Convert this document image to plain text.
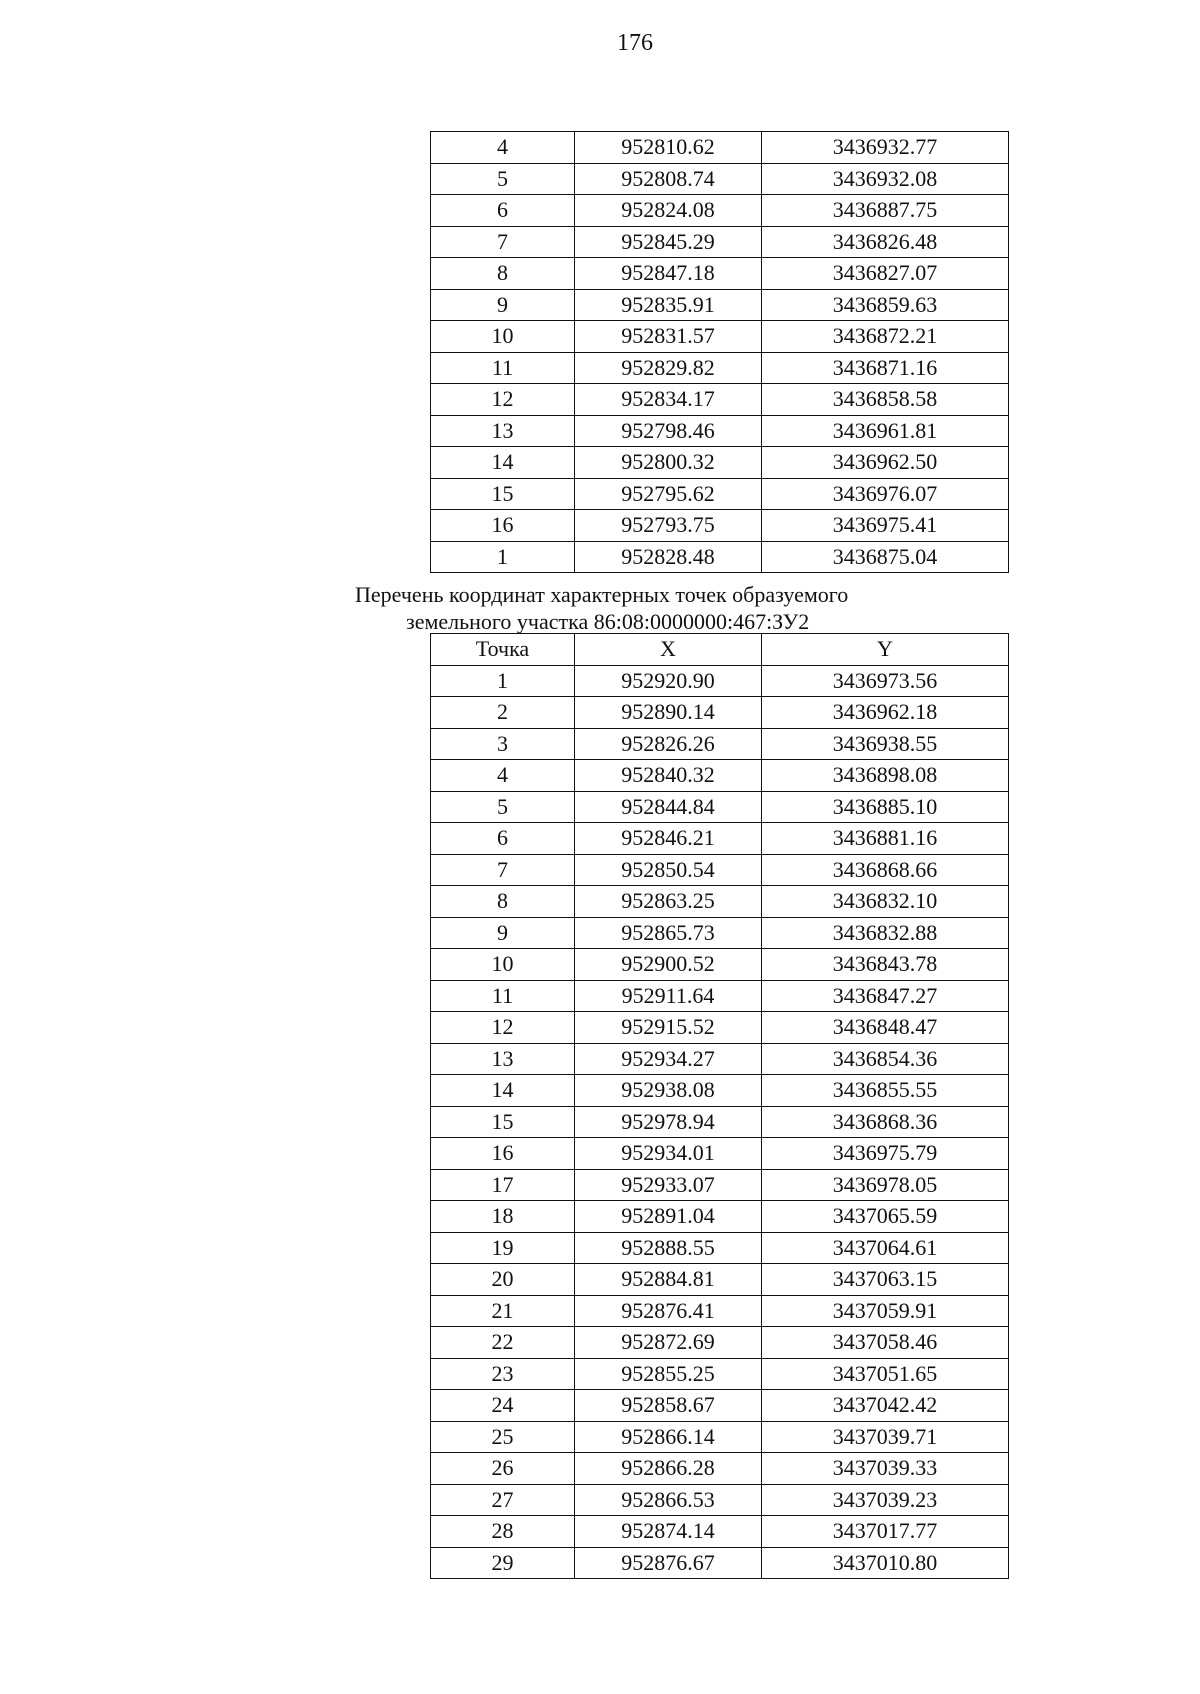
176
4	952810.62	3436932.77
5	952808.74	3436932.08
6	952824.08	3436887.75
7	952845.29	3436826.48
8	952847.18	3436827.07
9	952835.91	3436859.63
10	952831.57	3436872.21
11	952829.82	3436871.16
12	952834.17	3436858.58
13	952798.46	3436961.81
14	952800.32	3436962.50
15	952795.62	3436976.07
16	952793.75	3436975.41
1	952828.48	3436875.04
Перечень координат характерных точек образуемого
земельного участка 86:08:0000000:467:ЗУ2
Точка	X	Y
1	952920.90	3436973.56
2	952890.14	3436962.18
3	952826.26	3436938.55
4	952840.32	3436898.08
5	952844.84	3436885.10
6	952846.21	3436881.16
7	952850.54	3436868.66
8	952863.25	3436832.10
9	952865.73	3436832.88
10	952900.52	3436843.78
11	952911.64	3436847.27
12	952915.52	3436848.47
13	952934.27	3436854.36
14	952938.08	3436855.55
15	952978.94	3436868.36
16	952934.01	3436975.79
17	952933.07	3436978.05
18	952891.04	3437065.59
19	952888.55	3437064.61
20	952884.81	3437063.15
21	952876.41	3437059.91
22	952872.69	3437058.46
23	952855.25	3437051.65
24	952858.67	3437042.42
25	952866.14	3437039.71
26	952866.28	3437039.33
27	952866.53	3437039.23
28	952874.14	3437017.77
29	952876.67	3437010.80
